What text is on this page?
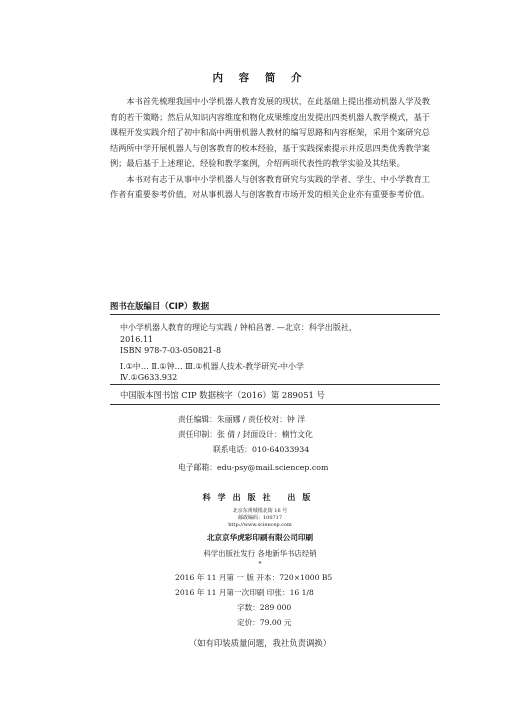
内 容 简 介

本书首先梳理我国中小学机器人教育发展的现状，在此基础上提出推动机器人学及教育的若干策略；然后从知识内容维度和物化成果维度出发提出四类机器人教学模式，基于课程开发实践介绍了初中和高中两册机器人教材的编写思路和内容框架，采用个案研究总结两所中学开展机器人与创客教育的校本经验，基于实践探索提示并反思四类优秀教学案例；最后基于上述理论、经验和教学案例，介绍两项代表性的教学实验及其结果。

本书对有志于从事中小学机器人与创客教育研究与实践的学者、学生、中小学教育工作者有重要参考价值，对从事机器人与创客教育市场开发的相关企业亦有重要参考价值。

图书在版编目（CIP）数据
中小学机器人教育的理论与实践 / 钟柏昌著. —北京：科学出版社，
2016.11
ISBN 978-7-03-050821-8
Ⅰ.①中… Ⅱ.①钟… Ⅲ.①机器人技术-教学研究-中小学
Ⅳ.①G633.932
中国版本图书馆 CIP 数据核字（2016）第 289051 号
责任编辑：朱丽娜 / 责任校对：钟 洋
责任印制：张 倩 / 封面设计：楠竹文化
联系电话：010-64033934
电子邮箱：edu-psy@mail.sciencep.com
科学出版社 出版
北京东黄城根北街 16 号
邮政编码：100717
http://www.sciencep.com
北京京华虎彩印刷有限公司印刷
科学出版社发行 各地新华书店经销
*
2016 年 11 月第 一 版 开本：720×1000 B5
2016 年 11 月第一次印刷 印张：16 1/8
字数：289 000
定价：79.00 元
（如有印装质量问题，我社负责调换）
